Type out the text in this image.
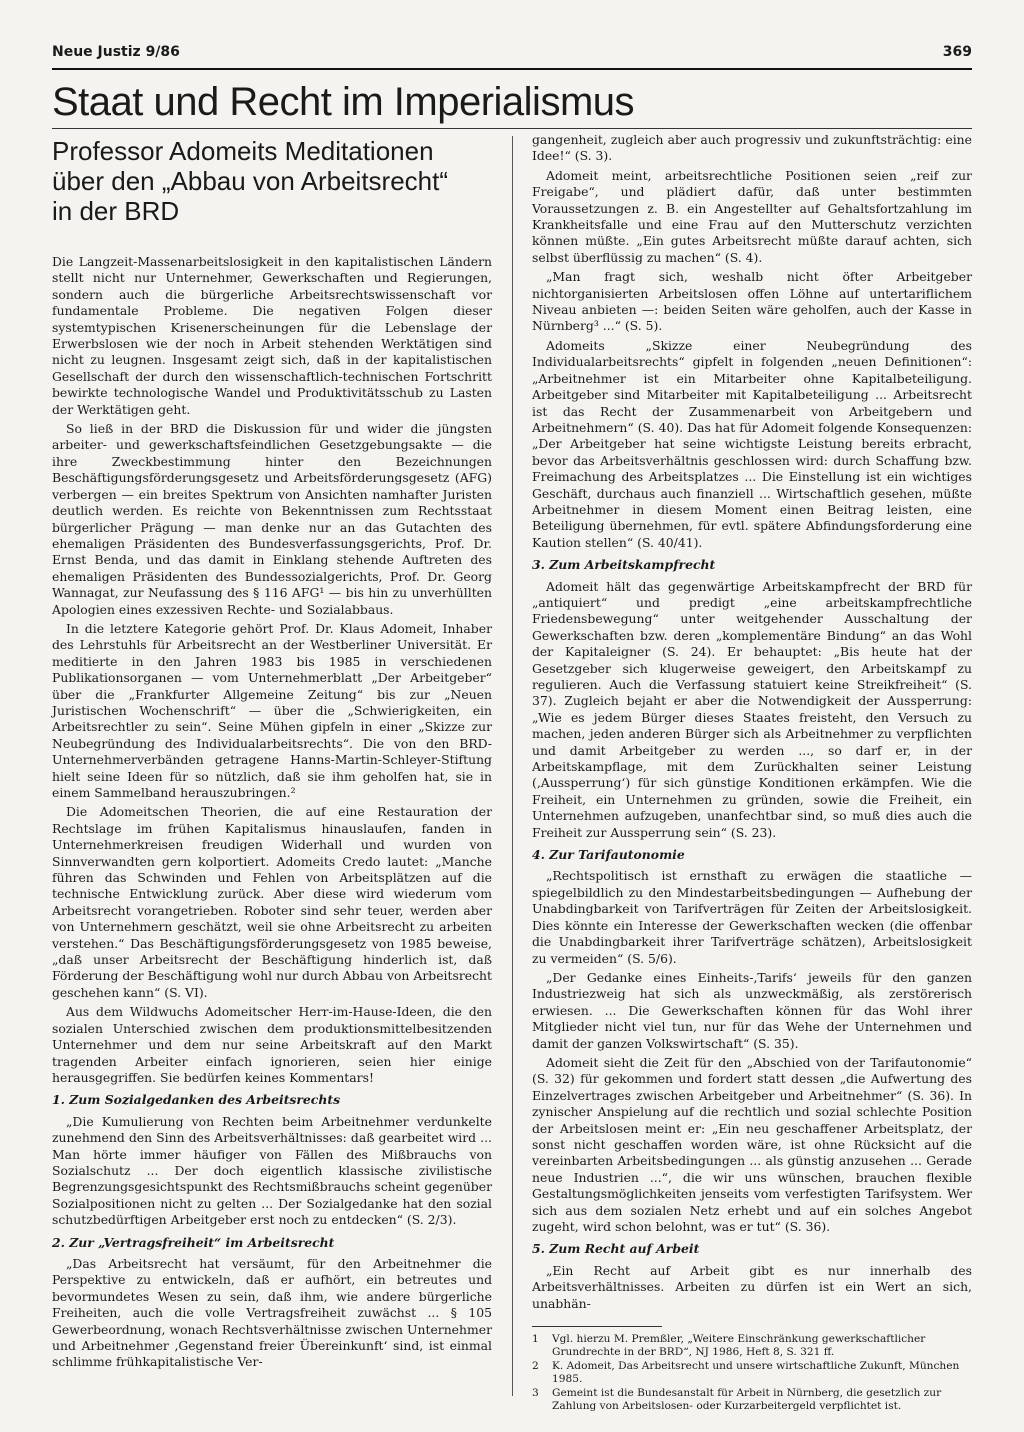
Neue Justiz 9/86	369
Staat und Recht im Imperialismus
Professor Adomeits Meditationen
über den „Abbau von Arbeitsrecht“
in der BRD

Die Langzeit-Massenarbeitslosigkeit in den kapitalistischen Ländern stellt nicht nur Unternehmer, Gewerkschaften und Regierungen, sondern auch die bürgerliche Arbeitsrechtswissenschaft vor fundamentale Probleme. Die negativen Folgen dieser systemtypischen Krisenerscheinungen für die Lebenslage der Erwerbslosen wie der noch in Arbeit stehenden Werktätigen sind nicht zu leugnen. Insgesamt zeigt sich, daß in der kapitalistischen Gesellschaft der durch den wissenschaftlich-technischen Fortschritt bewirkte technologische Wandel und Produktivitätsschub zu Lasten der Werktätigen geht.

So ließ in der BRD die Diskussion für und wider die jüngsten arbeiter- und gewerkschaftsfeindlichen Gesetzgebungsakte — die ihre Zweckbestimmung hinter den Bezeichnungen Beschäftigungsförderungsgesetz und Arbeitsförderungsgesetz (AFG) verbergen — ein breites Spektrum von Ansichten namhafter Juristen deutlich werden. Es reichte von Bekenntnissen zum Rechtsstaat bürgerlicher Prägung — man denke nur an das Gutachten des ehemaligen Präsidenten des Bundesverfassungsgerichts, Prof. Dr. Ernst Benda, und das damit in Einklang stehende Auftreten des ehemaligen Präsidenten des Bundessozialgerichts, Prof. Dr. Georg Wannagat, zur Neufassung des § 116 AFG¹ — bis hin zu unverhüllten Apologien eines exzessiven Rechte- und Sozialabbaus.

In die letztere Kategorie gehört Prof. Dr. Klaus Adomeit, Inhaber des Lehrstuhls für Arbeitsrecht an der Westberliner Universität. Er meditierte in den Jahren 1983 bis 1985 in verschiedenen Publikationsorganen — vom Unternehmerblatt „Der Arbeitgeber“ über die „Frankfurter Allgemeine Zeitung“ bis zur „Neuen Juristischen Wochenschrift“ — über die „Schwierigkeiten, ein Arbeitsrechtler zu sein“. Seine Mühen gipfeln in einer „Skizze zur Neubegründung des Individualarbeitsrechts“. Die von den BRD-Unternehmerverbänden getragene Hanns-Martin-Schleyer-Stiftung hielt seine Ideen für so nützlich, daß sie ihm geholfen hat, sie in einem Sammelband herauszubringen.²

Die Adomeitschen Theorien, die auf eine Restauration der Rechtslage im frühen Kapitalismus hinauslaufen, fanden in Unternehmerkreisen freudigen Widerhall und wurden von Sinnverwandten gern kolportiert. Adomeits Credo lautet: „Manche führen das Schwinden und Fehlen von Arbeitsplätzen auf die technische Entwicklung zurück. Aber diese wird wiederum vom Arbeitsrecht vorangetrieben. Roboter sind sehr teuer, werden aber von Unternehmern geschätzt, weil sie ohne Arbeitsrecht zu arbeiten verstehen.“ Das Beschäftigungsförderungsgesetz von 1985 beweise, „daß unser Arbeitsrecht der Beschäftigung hinderlich ist, daß Förderung der Beschäftigung wohl nur durch Abbau von Arbeitsrecht geschehen kann“ (S. VI).

Aus dem Wildwuchs Adomeitscher Herr-im-Hause-Ideen, die den sozialen Unterschied zwischen dem produktionsmittelbesitzenden Unternehmer und dem nur seine Arbeitskraft auf den Markt tragenden Arbeiter einfach ignorieren, seien hier einige herausgegriffen. Sie bedürfen keines Kommentars!

1. Zum Sozialgedanken des Arbeitsrechts

„Die Kumulierung von Rechten beim Arbeitnehmer verdunkelte zunehmend den Sinn des Arbeitsverhältnisses: daß gearbeitet wird ... Man hörte immer häufiger von Fällen des Mißbrauchs von Sozialschutz ... Der doch eigentlich klassische zivilistische Begrenzungsgesichtspunkt des Rechtsmißbrauchs scheint gegenüber Sozialpositionen nicht zu gelten ... Der Sozialgedanke hat den sozial schutzbedürftigen Arbeitgeber erst noch zu entdecken“ (S. 2/3).

2. Zur „Vertragsfreiheit“ im Arbeitsrecht

„Das Arbeitsrecht hat versäumt, für den Arbeitnehmer die Perspektive zu entwickeln, daß er aufhört, ein betreutes und bevormundetes Wesen zu sein, daß ihm, wie andere bürgerliche Freiheiten, auch die volle Vertragsfreiheit zuwächst ... § 105 Gewerbeordnung, wonach Rechtsverhältnisse zwischen Unternehmer und Arbeitnehmer ‚Gegenstand freier Übereinkunft‘ sind, ist einmal schlimme frühkapitalistische Ver-

gangenheit, zugleich aber auch progressiv und zukunftsträchtig: eine Idee!“ (S. 3).

Adomeit meint, arbeitsrechtliche Positionen seien „reif zur Freigabe“, und plädiert dafür, daß unter bestimmten Voraussetzungen z. B. ein Angestellter auf Gehaltsfortzahlung im Krankheitsfalle und eine Frau auf den Mutterschutz verzichten können müßte. „Ein gutes Arbeitsrecht müßte darauf achten, sich selbst überflüssig zu machen“ (S. 4).

„Man fragt sich, weshalb nicht öfter Arbeitgeber nichtorganisierten Arbeitslosen offen Löhne auf untertariflichem Niveau anbieten —: beiden Seiten wäre geholfen, auch der Kasse in Nürnberg³ ...“ (S. 5).

Adomeits „Skizze einer Neubegründung des Individualarbeitsrechts“ gipfelt in folgenden „neuen Definitionen“: „Arbeitnehmer ist ein Mitarbeiter ohne Kapitalbeteiligung. Arbeitgeber sind Mitarbeiter mit Kapitalbeteiligung ... Arbeitsrecht ist das Recht der Zusammenarbeit von Arbeitgebern und Arbeitnehmern“ (S. 40). Das hat für Adomeit folgende Konsequenzen: „Der Arbeitgeber hat seine wichtigste Leistung bereits erbracht, bevor das Arbeitsverhältnis geschlossen wird: durch Schaffung bzw. Freimachung des Arbeitsplatzes ... Die Einstellung ist ein wichtiges Geschäft, durchaus auch finanziell ... Wirtschaftlich gesehen, müßte Arbeitnehmer in diesem Moment einen Beitrag leisten, eine Beteiligung übernehmen, für evtl. spätere Abfindungsforderung eine Kaution stellen“ (S. 40/41).

3. Zum Arbeitskampfrecht

Adomeit hält das gegenwärtige Arbeitskampfrecht der BRD für „antiquiert“ und predigt „eine arbeitskampfrechtliche Friedensbewegung“ unter weitgehender Ausschaltung der Gewerkschaften bzw. deren „komplementäre Bindung“ an das Wohl der Kapitaleigner (S. 24). Er behauptet: „Bis heute hat der Gesetzgeber sich klugerweise geweigert, den Arbeitskampf zu regulieren. Auch die Verfassung statuiert keine Streikfreiheit“ (S. 37). Zugleich bejaht er aber die Notwendigkeit der Aussperrung: „Wie es jedem Bürger dieses Staates freisteht, den Versuch zu machen, jeden anderen Bürger sich als Arbeitnehmer zu verpflichten und damit Arbeitgeber zu werden ..., so darf er, in der Arbeitskampflage, mit dem Zurückhalten seiner Leistung (‚Aussperrung‘) für sich günstige Konditionen erkämpfen. Wie die Freiheit, ein Unternehmen zu gründen, sowie die Freiheit, ein Unternehmen aufzugeben, unanfechtbar sind, so muß dies auch die Freiheit zur Aussperrung sein“ (S. 23).

4. Zur Tarifautonomie

„Rechtspolitisch ist ernsthaft zu erwägen die staatliche — spiegelbildlich zu den Mindestarbeitsbedingungen — Aufhebung der Unabdingbarkeit von Tarifverträgen für Zeiten der Arbeitslosigkeit. Dies könnte ein Interesse der Gewerkschaften wecken (die offenbar die Unabdingbarkeit ihrer Tarifverträge schätzen), Arbeitslosigkeit zu vermeiden“ (S. 5/6).

„Der Gedanke eines Einheits-‚Tarifs‘ jeweils für den ganzen Industriezweig hat sich als unzweckmäßig, als zerstörerisch erwiesen. ... Die Gewerkschaften können für das Wohl ihrer Mitglieder nicht viel tun, nur für das Wehe der Unternehmen und damit der ganzen Volkswirtschaft“ (S. 35).

Adomeit sieht die Zeit für den „Abschied von der Tarifautonomie“ (S. 32) für gekommen und fordert statt dessen „die Aufwertung des Einzelvertrages zwischen Arbeitgeber und Arbeitnehmer“ (S. 36). In zynischer Anspielung auf die rechtlich und sozial schlechte Position der Arbeitslosen meint er: „Ein neu geschaffener Arbeitsplatz, der sonst nicht geschaffen worden wäre, ist ohne Rücksicht auf die vereinbarten Arbeitsbedingungen ... als günstig anzusehen ... Gerade neue Industrien ...“, die wir uns wünschen, brauchen flexible Gestaltungsmöglichkeiten jenseits vom verfestigten Tarifsystem. Wer sich aus dem sozialen Netz erhebt und auf ein solches Angebot zugeht, wird schon belohnt, was er tut“ (S. 36).

5. Zum Recht auf Arbeit

„Ein Recht auf Arbeit gibt es nur innerhalb des Arbeitsverhältnisses. Arbeiten zu dürfen ist ein Wert an sich, unabhän-

1 Vgl. hierzu M. Premßler, „Weitere Einschränkung gewerkschaftlicher Grundrechte in der BRD“, NJ 1986, Heft 8, S. 321 ff.

2 K. Adomeit, Das Arbeitsrecht und unsere wirtschaftliche Zukunft, München 1985.

3 Gemeint ist die Bundesanstalt für Arbeit in Nürnberg, die gesetzlich zur Zahlung von Arbeitslosen- oder Kurzarbeitergeld verpflichtet ist.
